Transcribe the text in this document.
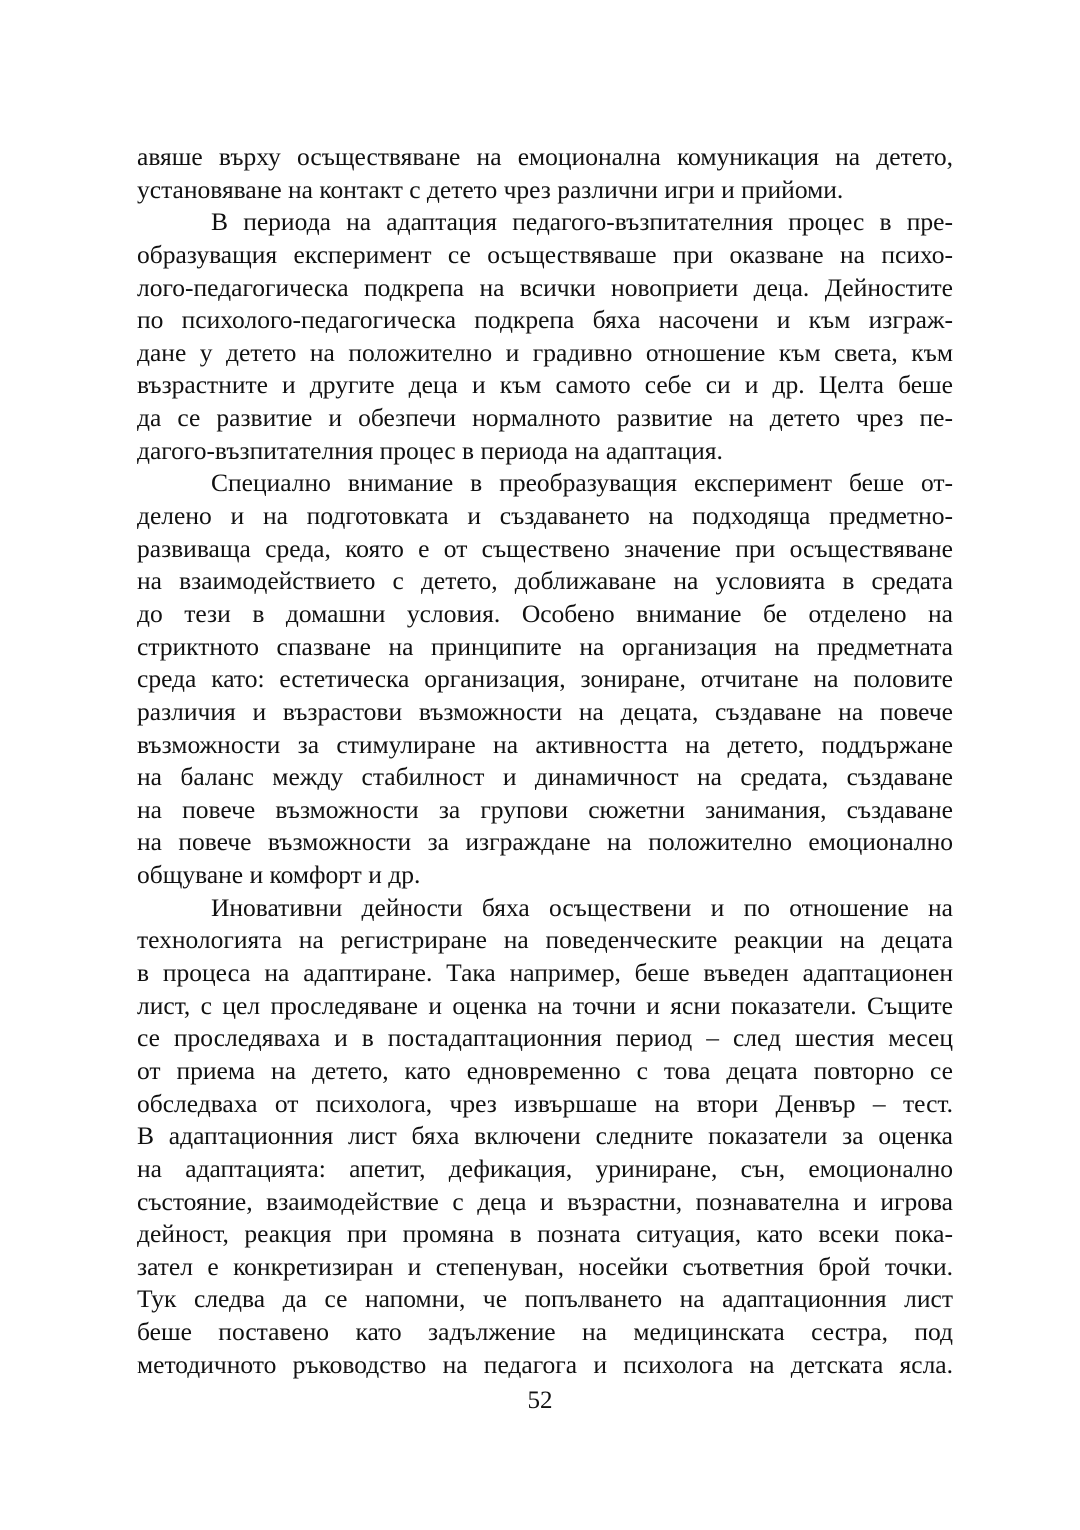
авяше върху осъществяване на емоционална комуникация на детето,
установяване на контакт с детето чрез различни игри и прийоми.
В периода на адаптация педагого-възпитателния процес в пре-
образуващия експеримент се осъществяваше при оказване на психо-
лого-педагогическа подкрепа на всички новоприети деца. Дейностите
по психолого-педагогическа подкрепа бяха насочени и към изграж-
дане у детето на положително и градивно отношение към света, към
възрастните и другите деца и към самото себе си и др. Целта беше
да се развитие и обезпечи нормалното развитие на детето чрез пе-
дагого-възпитателния процес в периода на адаптация.
Специално внимание в преобразуващия експеримент беше от-
делено и на подготовката и създаването на подходяща предметно-
развиваща среда, която е от съществено значение при осъществяване
на взаимодействието с детето, доближаване на условията в средата
до тези в домашни условия. Особено внимание бе отделено на
стриктното спазване на принципите на организация на предметната
среда като: естетическа организация, зониране, отчитане на половите
различия и възрастови възможности на децата, създаване на повече
възможности за стимулиране на активността на детето, поддържане
на баланс между стабилност и динамичност на средата, създаване
на повече възможности за групови сюжетни занимания, създаване
на повече възможности за изграждане на положително емоционално
общуване и комфорт и др.
Иновативни дейности бяха осъществени и по отношение на
технологията на регистриране на поведенческите реакции на децата
в процеса на адаптиране. Така например, беше въведен адаптационен
лист, с цел проследяване и оценка на точни и ясни показатели. Същите
се проследяваха и в постадаптационния период – след шестия месец
от приема на детето, като едновременно с това децата повторно се
обследваха от психолога, чрез извършаше на втори Денвър – тест.
В адаптационния лист бяха включени следните показатели за оценка
на адаптацията: апетит, дефикация, уриниране, сън, емоционално
състояние, взаимодействие с деца и възрастни, познавателна и игрова
дейност, реакция при промяна в позната ситуация, като всеки пока-
зател е конкретизиран и степенуван, носейки съответния брой точки.
Тук следва да се напомни, че попълването на адаптационния лист
беше поставено като задължение на медицинската сестра, под
методичното ръководство на педагога и психолога на детската ясла.
52
